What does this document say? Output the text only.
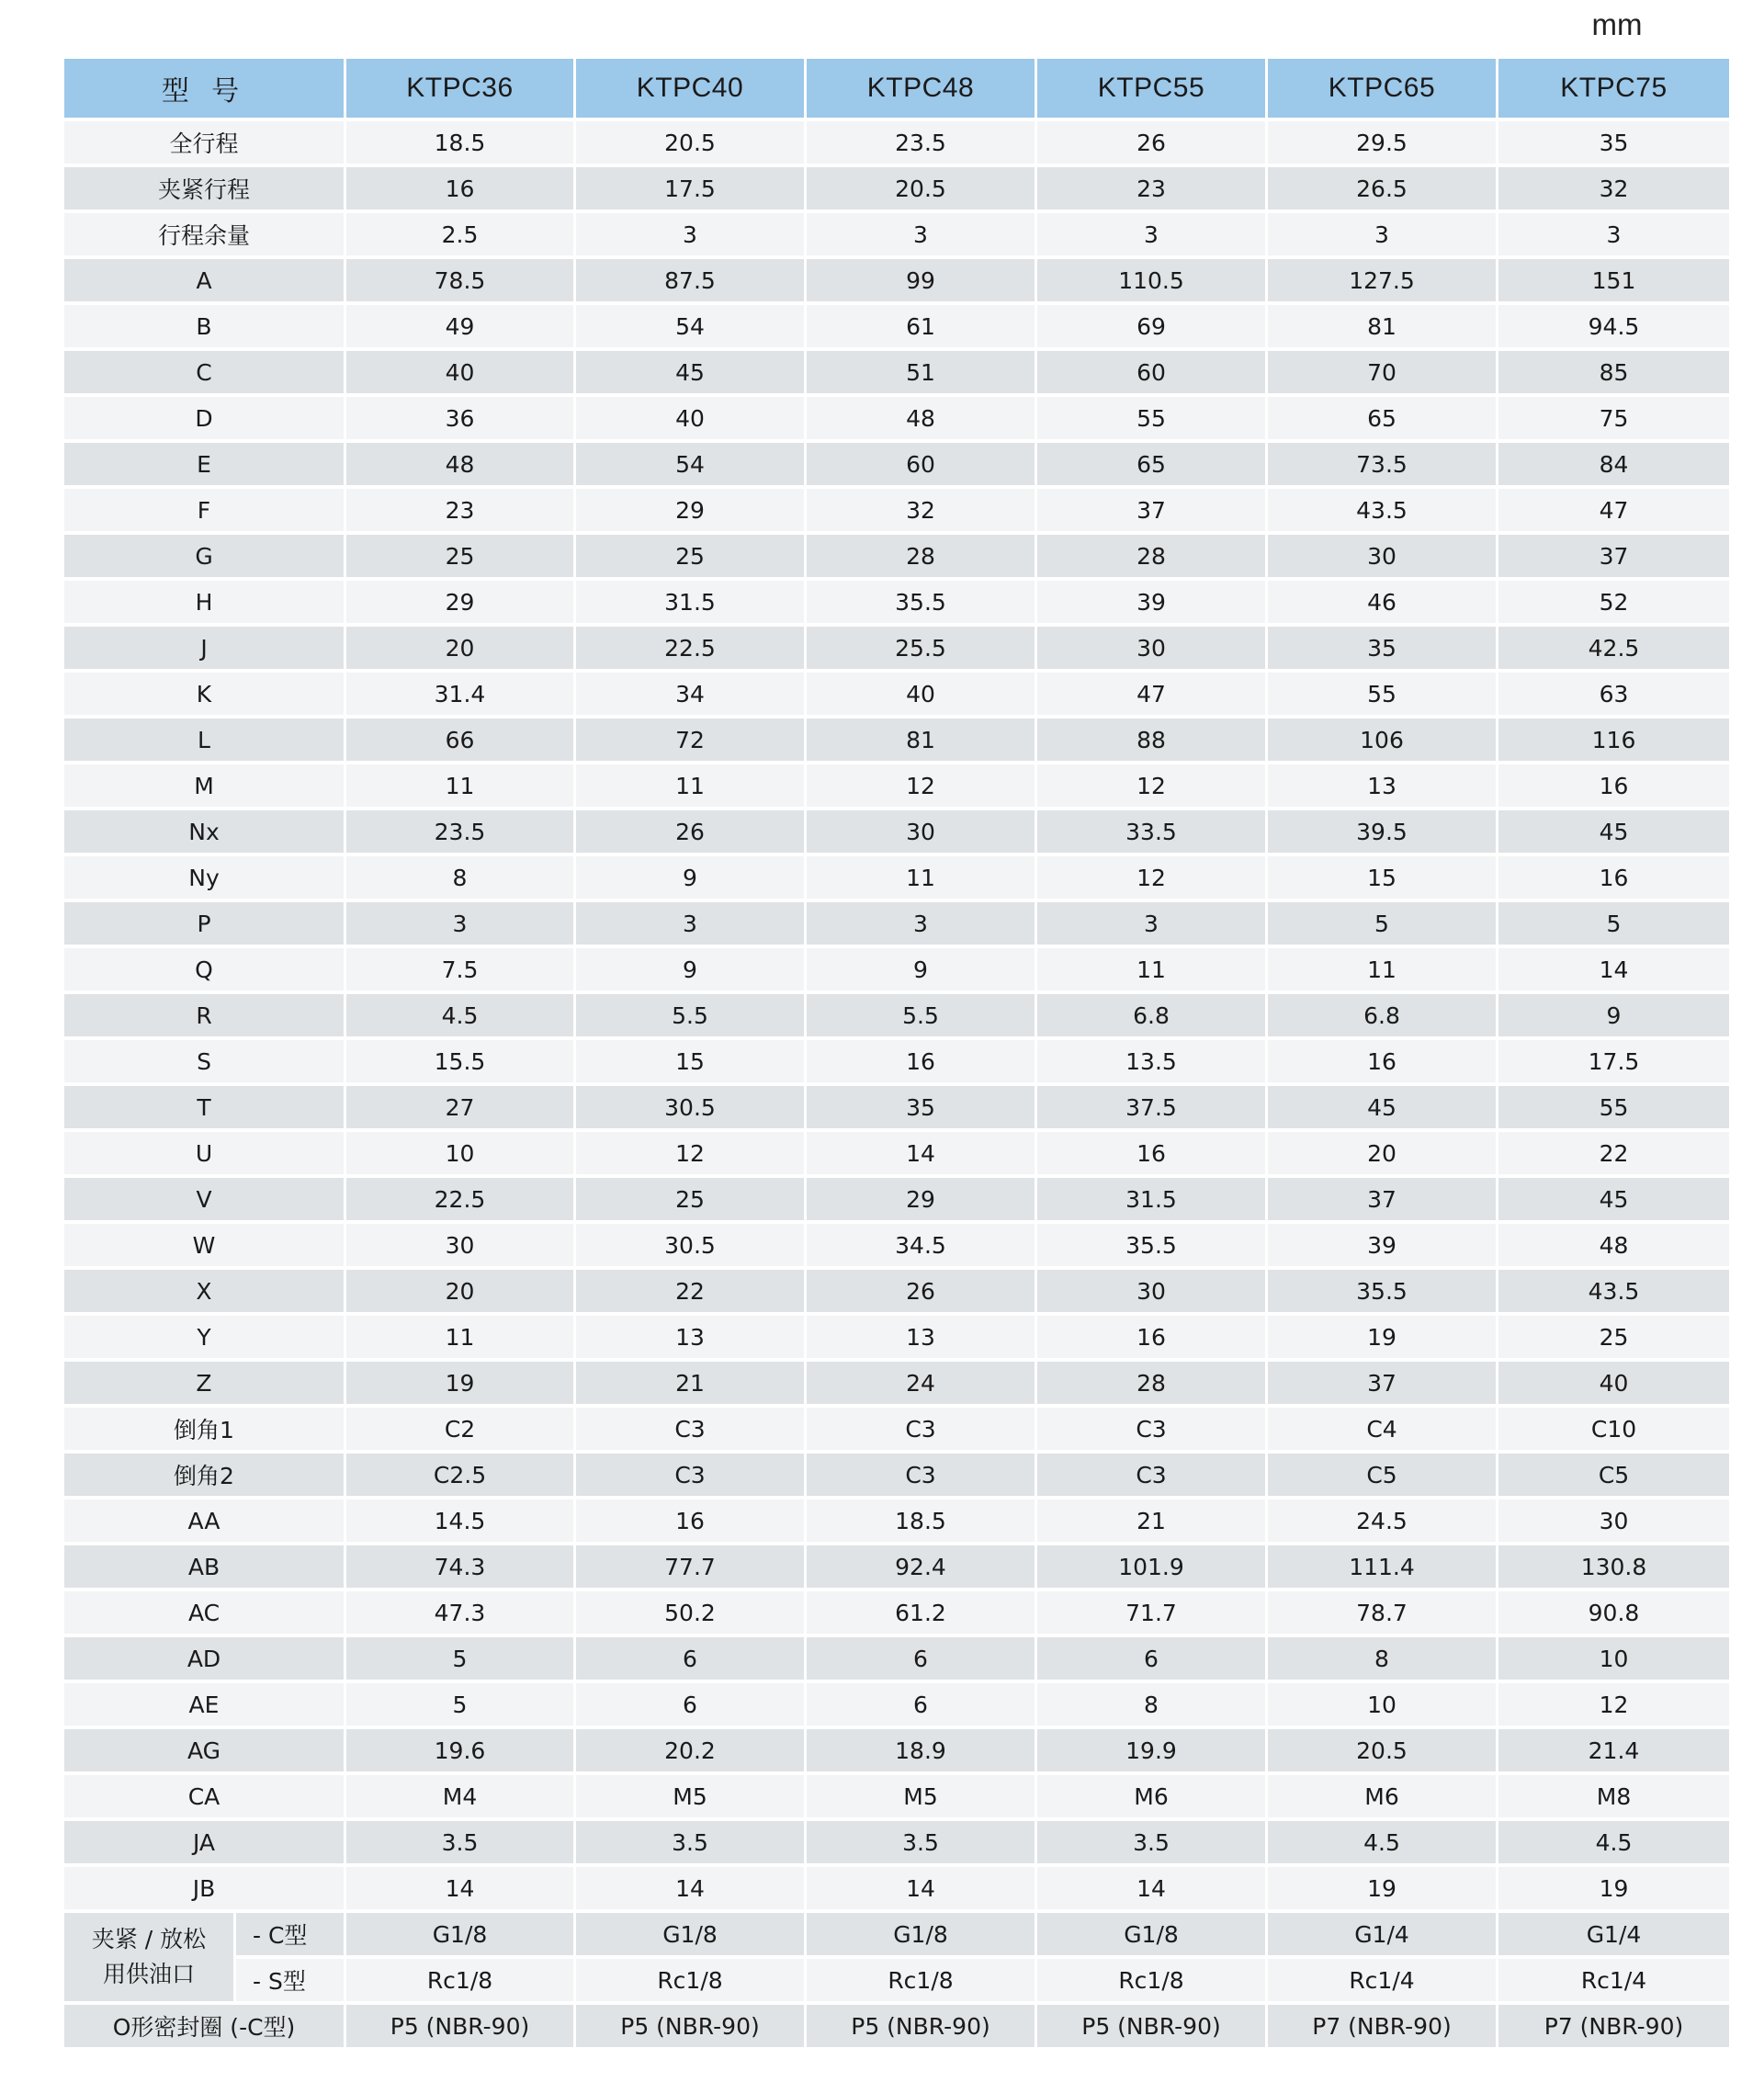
mm
型 号		KTPC36	KTPC40	KTPC48	KTPC55	KTPC65	KTPC75
全行程		18.5	20.5	23.5	26	29.5	35
夹紧行程		16	17.5	20.5	23	26.5	32
行程余量		2.5	3	3	3	3	3
A		78.5	87.5	99	110.5	127.5	151
B		49	54	61	69	81	94.5
C		40	45	51	60	70	85
D		36	40	48	55	65	75
E		48	54	60	65	73.5	84
F		23	29	32	37	43.5	47
G		25	25	28	28	30	37
H		29	31.5	35.5	39	46	52
J		20	22.5	25.5	30	35	42.5
K		31.4	34	40	47	55	63
L		66	72	81	88	106	116
M		11	11	12	12	13	16
Nx		23.5	26	30	33.5	39.5	45
Ny		8	9	11	12	15	16
P		3	3	3	3	5	5
Q		7.5	9	9	11	11	14
R		4.5	5.5	5.5	6.8	6.8	9
S		15.5	15	16	13.5	16	17.5
T		27	30.5	35	37.5	45	55
U		10	12	14	16	20	22
V		22.5	25	29	31.5	37	45
W		30	30.5	34.5	35.5	39	48
X		20	22	26	30	35.5	43.5
Y		11	13	13	16	19	25
Z		19	21	24	28	37	40
倒角1		C2	C3	C3	C3	C4	C10
倒角2		C2.5	C3	C3	C3	C5	C5
AA		14.5	16	18.5	21	24.5	30
AB		74.3	77.7	92.4	101.9	111.4	130.8
AC		47.3	50.2	61.2	71.7	78.7	90.8
AD		5	6	6	6	8	10
AE		5	6	6	8	10	12
AG		19.6	20.2	18.9	19.9	20.5	21.4
CA		M4	M5	M5	M6	M6	M8
JA		3.5	3.5	3.5	3.5	4.5	4.5
JB		14	14	14	14	19	19
夹紧 / 放松
用供油口	- C型	G1/8	G1/8	G1/8	G1/8	G1/4	G1/4
	- S型	Rc1/8	Rc1/8	Rc1/8	Rc1/8	Rc1/4	Rc1/4
O形密封圈 (-C型)		P5 (NBR-90)	P5 (NBR-90)	P5 (NBR-90)	P5 (NBR-90)	P7 (NBR-90)	P7 (NBR-90)
